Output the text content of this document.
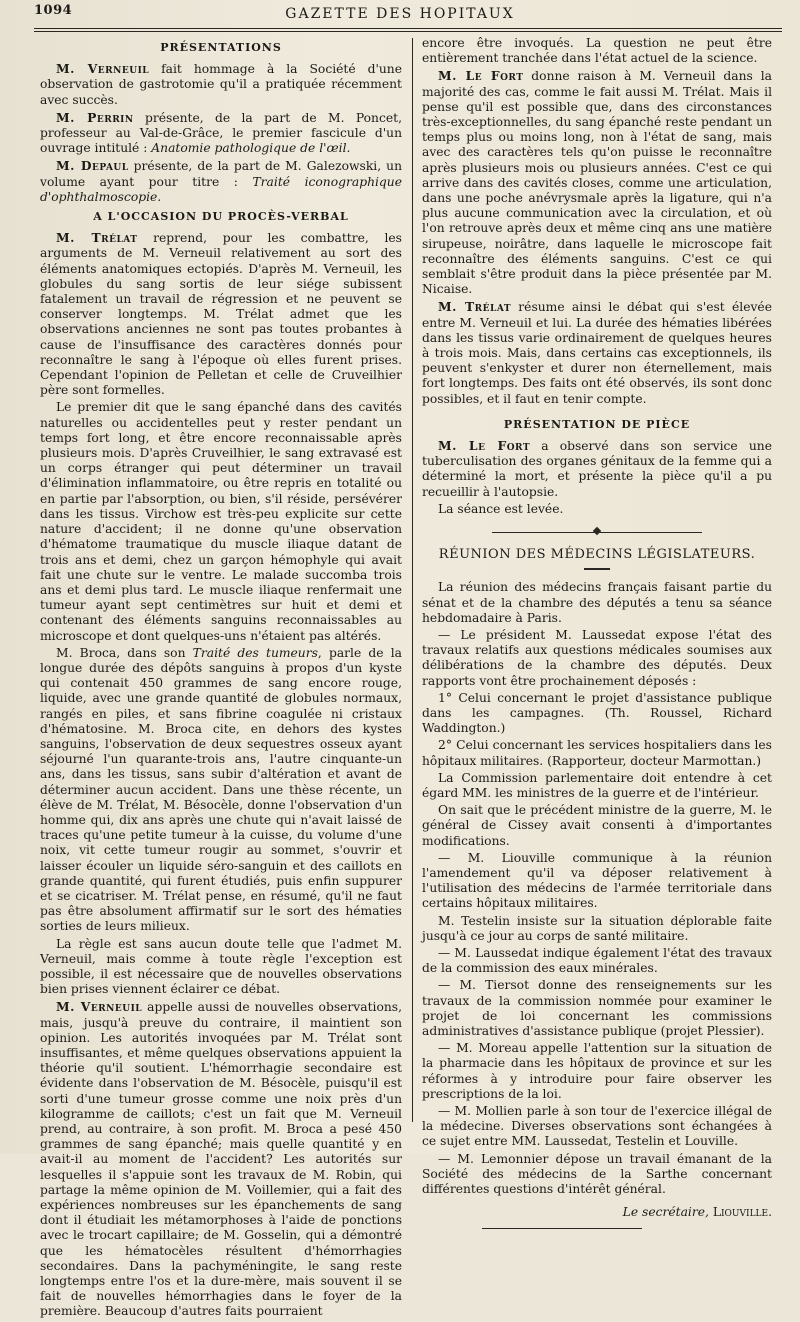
1094	GAZETTE DES HOPITAUX
PRÉSENTATIONS

M. Verneuil fait hommage à la Société d'une observation de gastrotomie qu'il a pratiquée récemment avec succès.

M. Perrin présente, de la part de M. Poncet, professeur au Val-de-Grâce, le premier fascicule d'un ouvrage intitulé : Anatomie pathologique de l'œil.

M. Depaul présente, de la part de M. Galezowski, un volume ayant pour titre : Traité iconographique d'ophthalmoscopie.

A L'OCCASION DU PROCÈS-VERBAL

M. Trélat reprend, pour les combattre, les arguments de M. Verneuil relativement au sort des éléments anatomiques ectopiés. D'après M. Verneuil, les globules du sang sortis de leur siége subissent fatalement un travail de régression et ne peuvent se conserver longtemps. M. Trélat admet que les observations anciennes ne sont pas toutes probantes à cause de l'insuffisance des caractères donnés pour reconnaître le sang à l'époque où elles furent prises. Cependant l'opinion de Pelletan et celle de Cruveilhier père sont formelles.

Le premier dit que le sang épanché dans des cavités naturelles ou accidentelles peut y rester pendant un temps fort long, et être encore reconnaissable après plusieurs mois. D'après Cruveilhier, le sang extravasé est un corps étranger qui peut déterminer un travail d'élimination inflammatoire, ou être repris en totalité ou en partie par l'absorption, ou bien, s'il réside, persévérer dans les tissus. Virchow est très-peu explicite sur cette nature d'accident; il ne donne qu'une observation d'hématome traumatique du muscle iliaque datant de trois ans et demi, chez un garçon hémophyle qui avait fait une chute sur le ventre. Le malade succomba trois ans et demi plus tard. Le muscle iliaque renfermait une tumeur ayant sept centimètres sur huit et demi et contenant des éléments sanguins reconnaissables au microscope et dont quelques-uns n'étaient pas altérés.

M. Broca, dans son Traité des tumeurs, parle de la longue durée des dépôts sanguins à propos d'un kyste qui contenait 450 grammes de sang encore rouge, liquide, avec une grande quantité de globules normaux, rangés en piles, et sans fibrine coagulée ni cristaux d'hématosine. M. Broca cite, en dehors des kystes sanguins, l'observation de deux sequestres osseux ayant séjourné l'un quarante-trois ans, l'autre cinquante-un ans, dans les tissus, sans subir d'altération et avant de déterminer aucun accident. Dans une thèse récente, un élève de M. Trélat, M. Bésocèle, donne l'observation d'un homme qui, dix ans après une chute qui n'avait laissé de traces qu'une petite tumeur à la cuisse, du volume d'une noix, vit cette tumeur rougir au sommet, s'ouvrir et laisser écouler un liquide séro-sanguin et des caillots en grande quantité, qui furent étudiés, puis enfin suppurer et se cicatriser. M. Trélat pense, en résumé, qu'il ne faut pas être absolument affirmatif sur le sort des hématies sorties de leurs milieux.

La règle est sans aucun doute telle que l'admet M. Verneuil, mais comme à toute règle l'exception est possible, il est nécessaire que de nouvelles observations bien prises viennent éclairer ce débat.

M. Verneuil appelle aussi de nouvelles observations, mais, jusqu'à preuve du contraire, il maintient son opinion. Les autorités invoquées par M. Trélat sont insuffisantes, et même quelques observations appuient la théorie qu'il soutient. L'hémorrhagie secondaire est évidente dans l'observation de M. Bésocèle, puisqu'il est sorti d'une tumeur grosse comme une noix près d'un kilogramme de caillots; c'est un fait que M. Verneuil prend, au contraire, à son profit. M. Broca a pesé 450 grammes de sang épanché; mais quelle quantité y en avait-il au moment de l'accident? Les autorités sur lesquelles il s'appuie sont les travaux de M. Robin, qui partage la même opinion de M. Voillemier, qui a fait des expériences nombreuses sur les épanchements de sang dont il étudiait les métamorphoses à l'aide de ponctions avec le trocart capillaire; de M. Gosselin, qui a démontré que les hématocèles résultent d'hémorrhagies secondaires. Dans la pachyméningite, le sang reste longtemps entre l'os et la dure-mère, mais souvent il se fait de nouvelles hémorrhagies dans le foyer de la première. Beaucoup d'autres faits pourraient

encore être invoqués. La question ne peut être entièrement tranchée dans l'état actuel de la science.

M. Le Fort donne raison à M. Verneuil dans la majorité des cas, comme le fait aussi M. Trélat. Mais il pense qu'il est possible que, dans des circonstances très-exceptionnelles, du sang épanché reste pendant un temps plus ou moins long, non à l'état de sang, mais avec des caractères tels qu'on puisse le reconnaître après plusieurs mois ou plusieurs années. C'est ce qui arrive dans des cavités closes, comme une articulation, dans une poche anévrysmale après la ligature, qui n'a plus aucune communication avec la circulation, et où l'on retrouve après deux et même cinq ans une matière sirupeuse, noirâtre, dans laquelle le microscope fait reconnaître des éléments sanguins. C'est ce qui semblait s'être produit dans la pièce présentée par M. Nicaise.

M. Trélat résume ainsi le débat qui s'est élevée entre M. Verneuil et lui. La durée des hématies libérées dans les tissus varie ordinairement de quelques heures à trois mois. Mais, dans certains cas exceptionnels, ils peuvent s'enkyster et durer non éternellement, mais fort longtemps. Des faits ont été observés, ils sont donc possibles, et il faut en tenir compte.

PRÉSENTATION DE PIÈCE

M. Le Fort a observé dans son service une tuberculisation des organes génitaux de la femme qui a déterminé la mort, et présente la pièce qu'il a pu recueillir à l'autopsie.

La séance est levée.

RÉUNION DES MÉDECINS LÉGISLATEURS.

La réunion des médecins français faisant partie du sénat et de la chambre des députés a tenu sa séance hebdomadaire à Paris.

— Le président M. Laussedat expose l'état des travaux relatifs aux questions médicales soumises aux délibérations de la chambre des députés. Deux rapports vont être prochainement déposés :

1° Celui concernant le projet d'assistance publique dans les campagnes. (Th. Roussel, Richard Waddington.)

2° Celui concernant les services hospitaliers dans les hôpitaux militaires. (Rapporteur, docteur Marmottan.)

La Commission parlementaire doit entendre à cet égard MM. les ministres de la guerre et de l'intérieur.

On sait que le précédent ministre de la guerre, M. le général de Cissey avait consenti à d'importantes modifications.

— M. Liouville communique à la réunion l'amendement qu'il va déposer relativement à l'utilisation des médecins de l'armée territoriale dans certains hôpitaux militaires.

M. Testelin insiste sur la situation déplorable faite jusqu'à ce jour au corps de santé militaire.

— M. Laussedat indique également l'état des travaux de la commission des eaux minérales.

— M. Tiersot donne des renseignements sur les travaux de la commission nommée pour examiner le projet de loi concernant les commissions administratives d'assistance publique (projet Plessier).

— M. Moreau appelle l'attention sur la situation de la pharmacie dans les hôpitaux de province et sur les réformes à y introduire pour faire observer les prescriptions de la loi.

— M. Mollien parle à son tour de l'exercice illégal de la médecine. Diverses observations sont échangées à ce sujet entre MM. Laussedat, Testelin et Louville.

— M. Lemonnier dépose un travail émanant de la Société des médecins de la Sarthe concernant différentes questions d'intérêt général.

Le secrétaire, Liouville.
